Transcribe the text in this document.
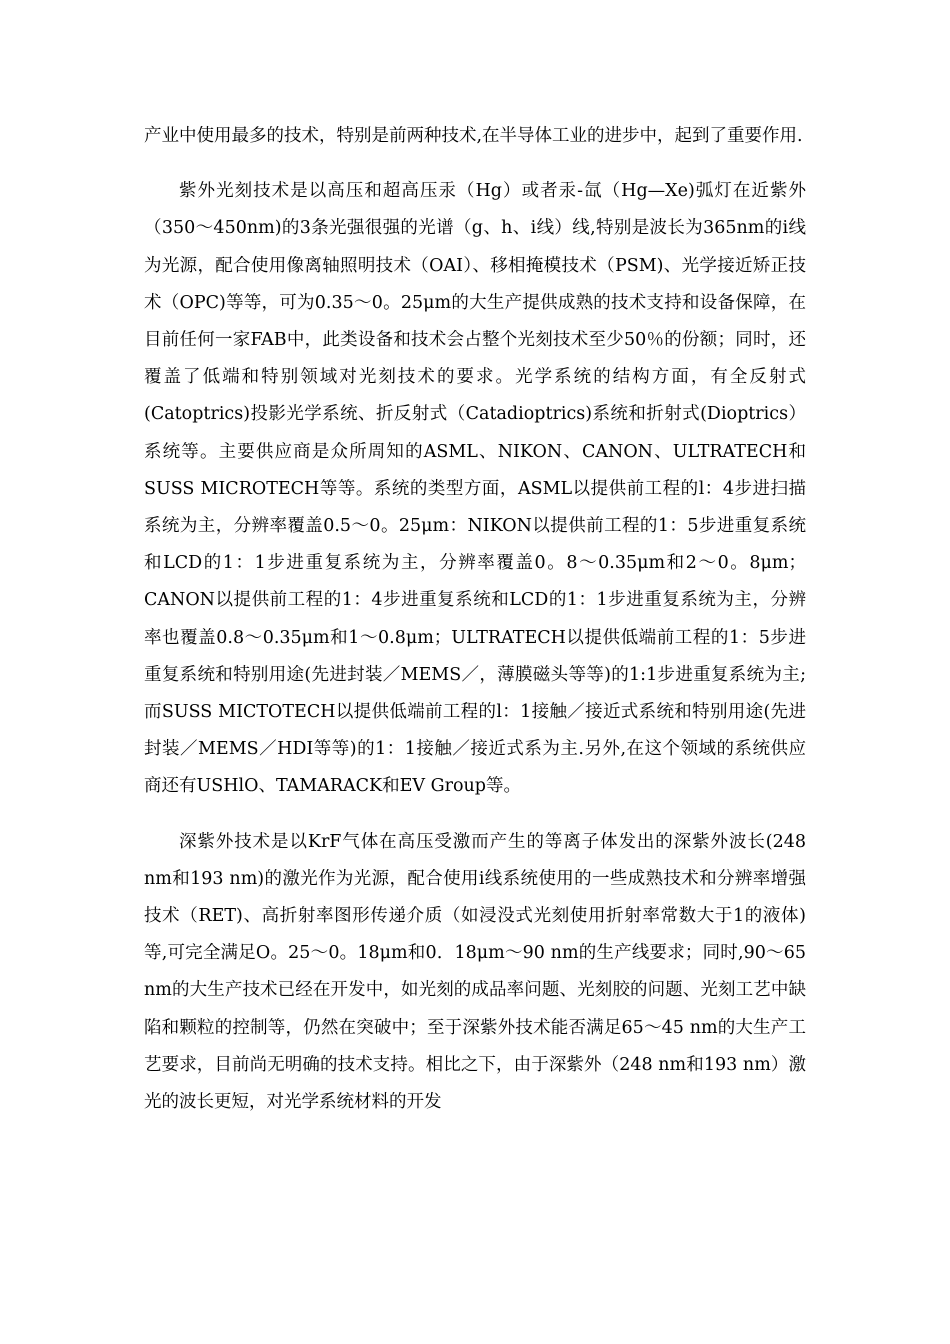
产业中使用最多的技术，特别是前两种技术,在半导体工业的进步中，起到了重要作用.

紫外光刻技术是以高压和超高压汞（Hg）或者汞-氙（Hg—Xe)弧灯在近紫外（350～450nm)的3条光强很强的光谱（g、h、i线）线,特别是波长为365nm的i线为光源，配合使用像离轴照明技术（OAI）、移相掩模技术（PSM)、光学接近矫正技术（OPC)等等，可为0.35～0。25μm的大生产提供成熟的技术支持和设备保障，在目前任何一家FAB中，此类设备和技术会占整个光刻技术至少50％的份额；同时，还覆盖了低端和特别领域对光刻技术的要求。光学系统的结构方面，有全反射式(Catoptrics)投影光学系统、折反射式（Catadioptrics)系统和折射式(Dioptrics）系统等。主要供应商是众所周知的ASML、NIKON、CANON、ULTRATECH和SUSS MICROTECH等等。系统的类型方面，ASML以提供前工程的l：4步进扫描系统为主，分辨率覆盖0.5～0。25μm：NIKON以提供前工程的1：5步进重复系统和LCD的1：1步进重复系统为主，分辨率覆盖0。8～0.35μm和2～0。8μm；CANON以提供前工程的1：4步进重复系统和LCD的1：1步进重复系统为主，分辨率也覆盖0.8～0.35μm和1～0.8μm；ULTRATECH以提供低端前工程的1：5步进重复系统和特别用途(先进封装／MEMS／，薄膜磁头等等)的1:1步进重复系统为主;而SUSS MICTOTECH以提供低端前工程的l：1接触／接近式系统和特别用途(先进封装／MEMS／HDI等等)的1：1接触／接近式系为主.另外,在这个领域的系统供应商还有USHlO、TAMARACK和EV Group等。

深紫外技术是以KrF气体在高压受激而产生的等离子体发出的深紫外波长(248 nm和193 nm)的激光作为光源，配合使用i线系统使用的一些成熟技术和分辨率增强技术（RET)、高折射率图形传递介质（如浸没式光刻使用折射率常数大于1的液体)等,可完全满足O。25～0。18μm和0．18μm～90 nm的生产线要求；同时,90～65 nm的大生产技术已经在开发中，如光刻的成品率问题、光刻胶的问题、光刻工艺中缺陷和颗粒的控制等，仍然在突破中；至于深紫外技术能否满足65～45 nm的大生产工艺要求，目前尚无明确的技术支持。相比之下，由于深紫外（248 nm和193 nm）激光的波长更短，对光学系统材料的开发
